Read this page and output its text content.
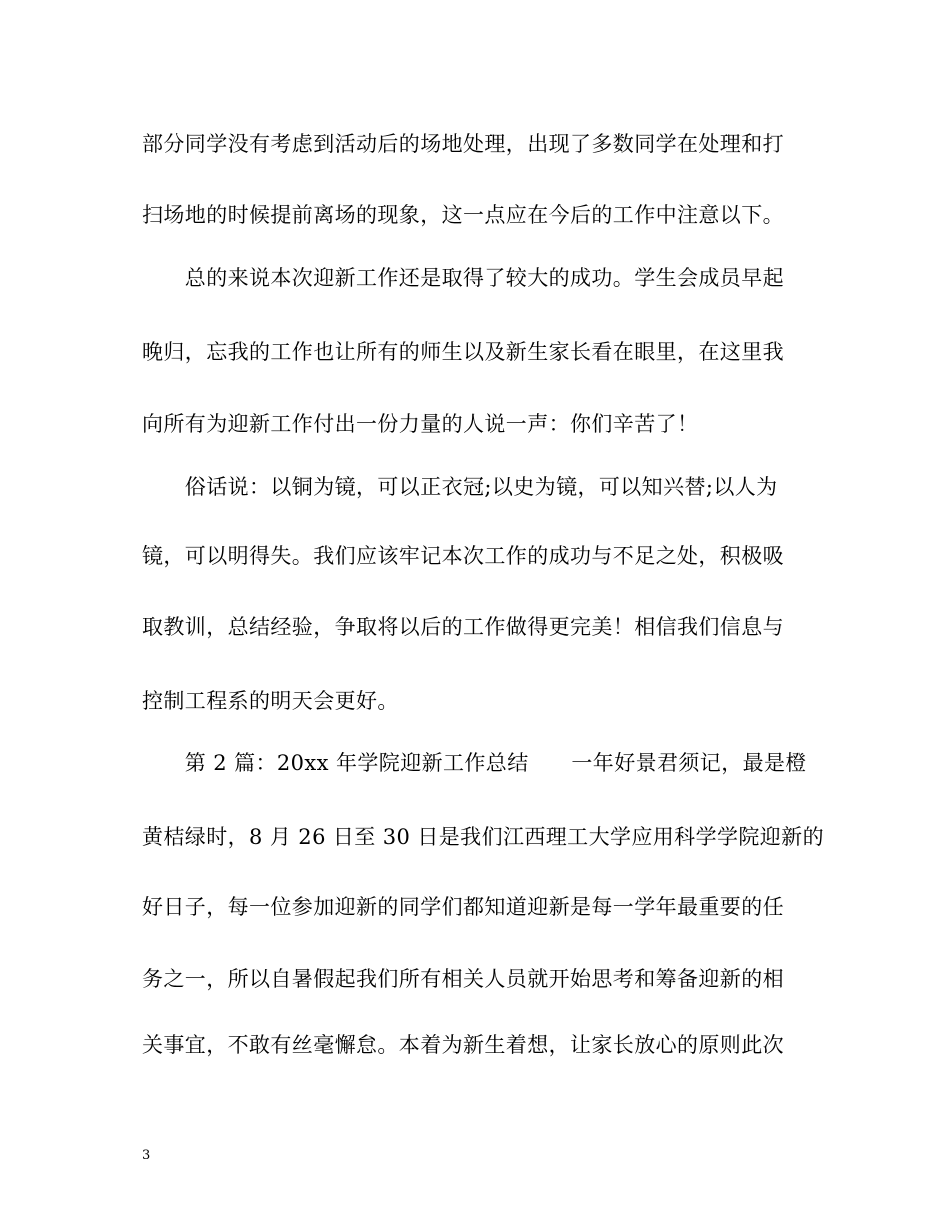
部分同学没有考虑到活动后的场地处理，出现了多数同学在处理和打
扫场地的时候提前离场的现象，这一点应在今后的工作中注意以下。
　　总的来说本次迎新工作还是取得了较大的成功。学生会成员早起
晚归，忘我的工作也让所有的师生以及新生家长看在眼里，在这里我
向所有为迎新工作付出一份力量的人说一声：你们辛苦了！
　　俗话说：以铜为镜，可以正衣冠;以史为镜，可以知兴替;以人为
镜，可以明得失。我们应该牢记本次工作的成功与不足之处，积极吸
取教训，总结经验，争取将以后的工作做得更完美！相信我们信息与
控制工程系的明天会更好。
　　第 2 篇：20xx 年学院迎新工作总结　　一年好景君须记，最是橙
黄桔绿时，8 月 26 日至 30 日是我们江西理工大学应用科学学院迎新的
好日子，每一位参加迎新的同学们都知道迎新是每一学年最重要的任
务之一，所以自暑假起我们所有相关人员就开始思考和筹备迎新的相
关事宜，不敢有丝毫懈怠。本着为新生着想，让家长放心的原则此次
3
